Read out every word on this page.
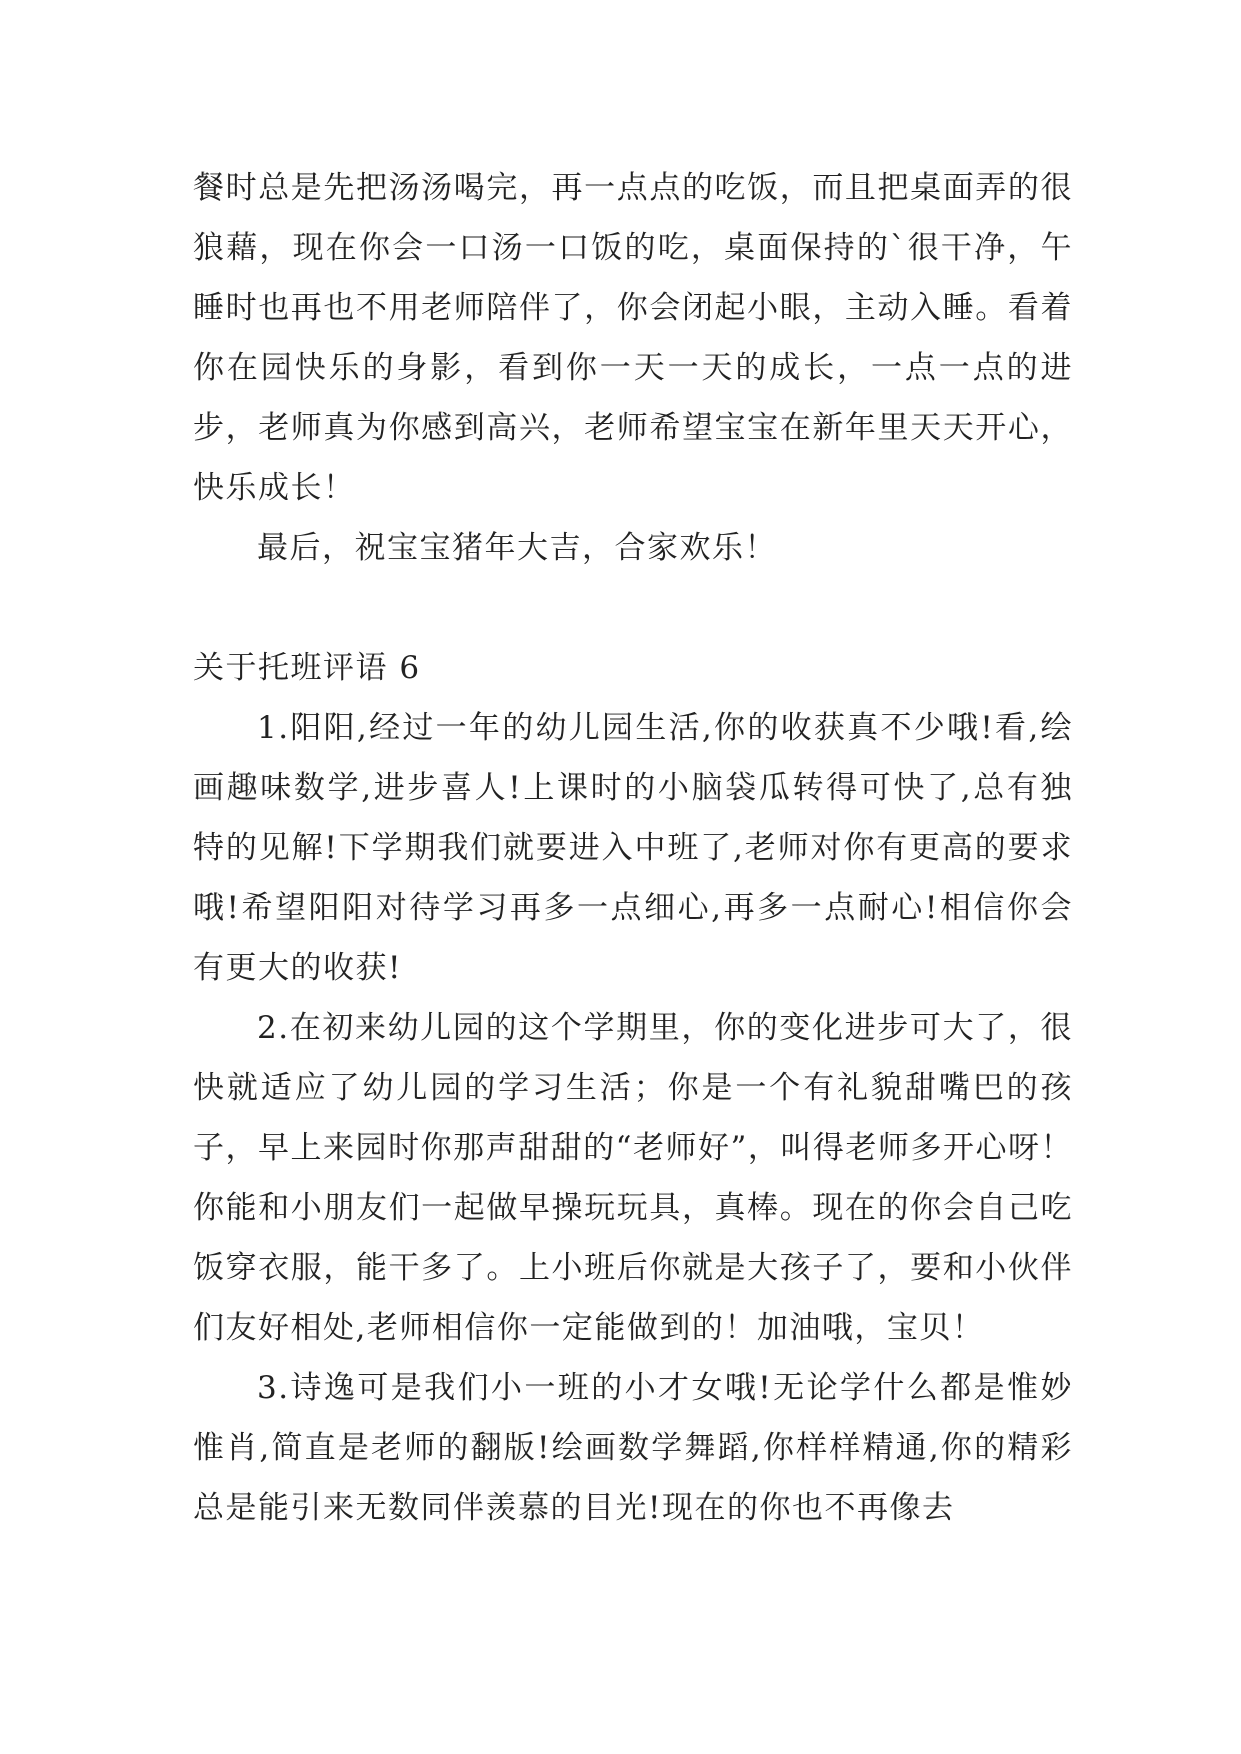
餐时总是先把汤汤喝完，再一点点的吃饭，而且把桌面弄的很狼藉，现在你会一口汤一口饭的吃，桌面保持的`很干净，午睡时也再也不用老师陪伴了，你会闭起小眼，主动入睡。看着你在园快乐的身影，看到你一天一天的成长，一点一点的进步，老师真为你感到高兴，老师希望宝宝在新年里天天开心，快乐成长！

最后，祝宝宝猪年大吉，合家欢乐！

关于托班评语 6

1.阳阳,经过一年的幼儿园生活,你的收获真不少哦!看,绘画趣味数学,进步喜人!上课时的小脑袋瓜转得可快了,总有独特的见解!下学期我们就要进入中班了,老师对你有更高的要求哦!希望阳阳对待学习再多一点细心,再多一点耐心!相信你会有更大的收获!

2.在初来幼儿园的这个学期里，你的变化进步可大了，很快就适应了幼儿园的学习生活；你是一个有礼貌甜嘴巴的孩子，早上来园时你那声甜甜的“老师好”，叫得老师多开心呀！你能和小朋友们一起做早操玩玩具，真棒。现在的你会自己吃饭穿衣服，能干多了。上小班后你就是大孩子了，要和小伙伴们友好相处,老师相信你一定能做到的！加油哦，宝贝！

3.诗逸可是我们小一班的小才女哦!无论学什么都是惟妙惟肖,简直是老师的翻版!绘画数学舞蹈,你样样精通,你的精彩总是能引来无数同伴羡慕的目光!现在的你也不再像去
